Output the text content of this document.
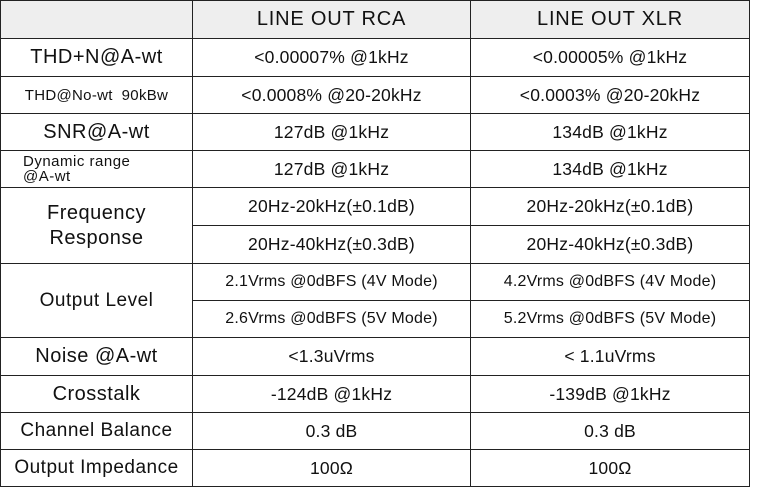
	LINE OUT RCA	LINE OUT XLR
THD+N@A-wt	<0.00007% @1kHz	<0.00005% @1kHz
THD@No-wt  90kBw	<0.0008% @20-20kHz	<0.0003% @20-20kHz
SNR@A-wt	127dB @1kHz	134dB @1kHz

Dynamic range
@A-wt	127dB @1kHz	134dB @1kHz

Frequency
Response	20Hz-20kHz(±0.1dB)	20Hz-20kHz(±0.1dB)
	20Hz-40kHz(±0.3dB)	20Hz-40kHz(±0.3dB)
Output Level	2.1Vrms @0dBFS (4V Mode)	4.2Vrms @0dBFS (4V Mode)
	2.6Vrms @0dBFS (5V Mode)	5.2Vrms @0dBFS (5V Mode)
Noise @A-wt	<1.3uVrms	< 1.1uVrms
Crosstalk	-124dB @1kHz	-139dB @1kHz
Channel Balance	0.3 dB	0.3 dB
Output Impedance	100Ω	100Ω
